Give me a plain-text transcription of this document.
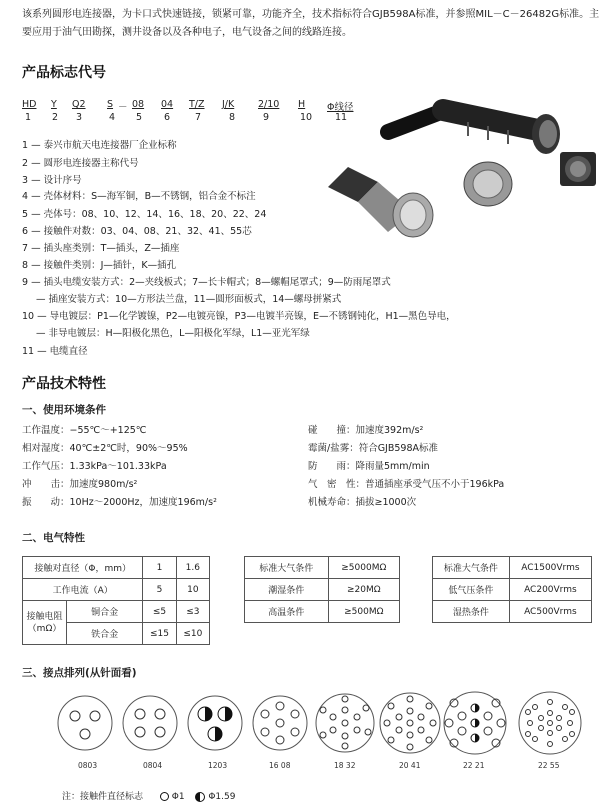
该系列圆形电连接器，为卡口式快速链接，锁紧可靠，功能齐全，技术指标符合GJB598A标准，并参照MIL－C－26482G标准。主要应用于油气田勘探，测井设备以及各种电子，电气设备之间的线路连接。
产品标志代号
HD Y Q2 S － 08 04 T/Z J/K	2/10 H Φ线径
1 2 3	4 5 6	7	8	9	10 11
1 — 泰兴市航天电连接器厂企业标称
2 — 圆形电连接器主称代号
3 — 设计序号
4 — 壳体材料：S—海军铜，B—不锈钢，铝合金不标注
5 — 壳体号：08、10、12、14、16、18、20、22、24
6 — 接触件对数：03、04、08、21、32、41、55芯
7 — 插头座类别：T—插头，Z—插座
8 — 接触件类别：J—插针，K—插孔
9 — 插头电缆安装方式：2—夹线板式；7—长卡帽式；8—螺帽尾罩式；9—防雨尾罩式
— 插座安装方式：10—方形法兰盘，11—圆形面板式，14—螺母拼紧式
10 — 导电镀层：P1—化学镀镍，P2—电镀亮镍，P3—电镀半亮镍，E—不锈钢钝化，H1—黑色导电，
— 非导电镀层：H—阳极化黑色，L—阳极化军绿，L1—亚光军绿
11 — 电缆直径
产品技术特性
一、使用环境条件
工作温度：−55℃～+125℃
相对湿度：40℃±2℃时，90%～95%
工作气压：1.33kPa～101.33kPa
冲　　击：加速度980m/s²
振　　动：10Hz～2000Hz，加速度196m/s²
碰　　撞：加速度392m/s²
霉菌/盐雾：符合GJB598A标准
防　　雨：降雨量5mm/min
气　密　性：普通插座承受气压不小于196kPa
机械寿命：插拔≥1000次
二、电气特性
接触对直径（Φ，mm）		1	1.6
工作电流（A）		5	10
接触电阻（mΩ）	铜合金	≤5	≤3
	铁合金	≤15	≤10
标准大气条件	≥5000MΩ
潮湿条件	≥20MΩ
高温条件	≥500MΩ
标准大气条件	AC1500Vrms
低气压条件	AC200Vrms
湿热条件	AC500Vrms
三、接点排列(从针面看)
0803	0804	1203	16 08	18 32	20 41	22 21	22 55
注：接触件直径标志	Φ1	Φ1.59
